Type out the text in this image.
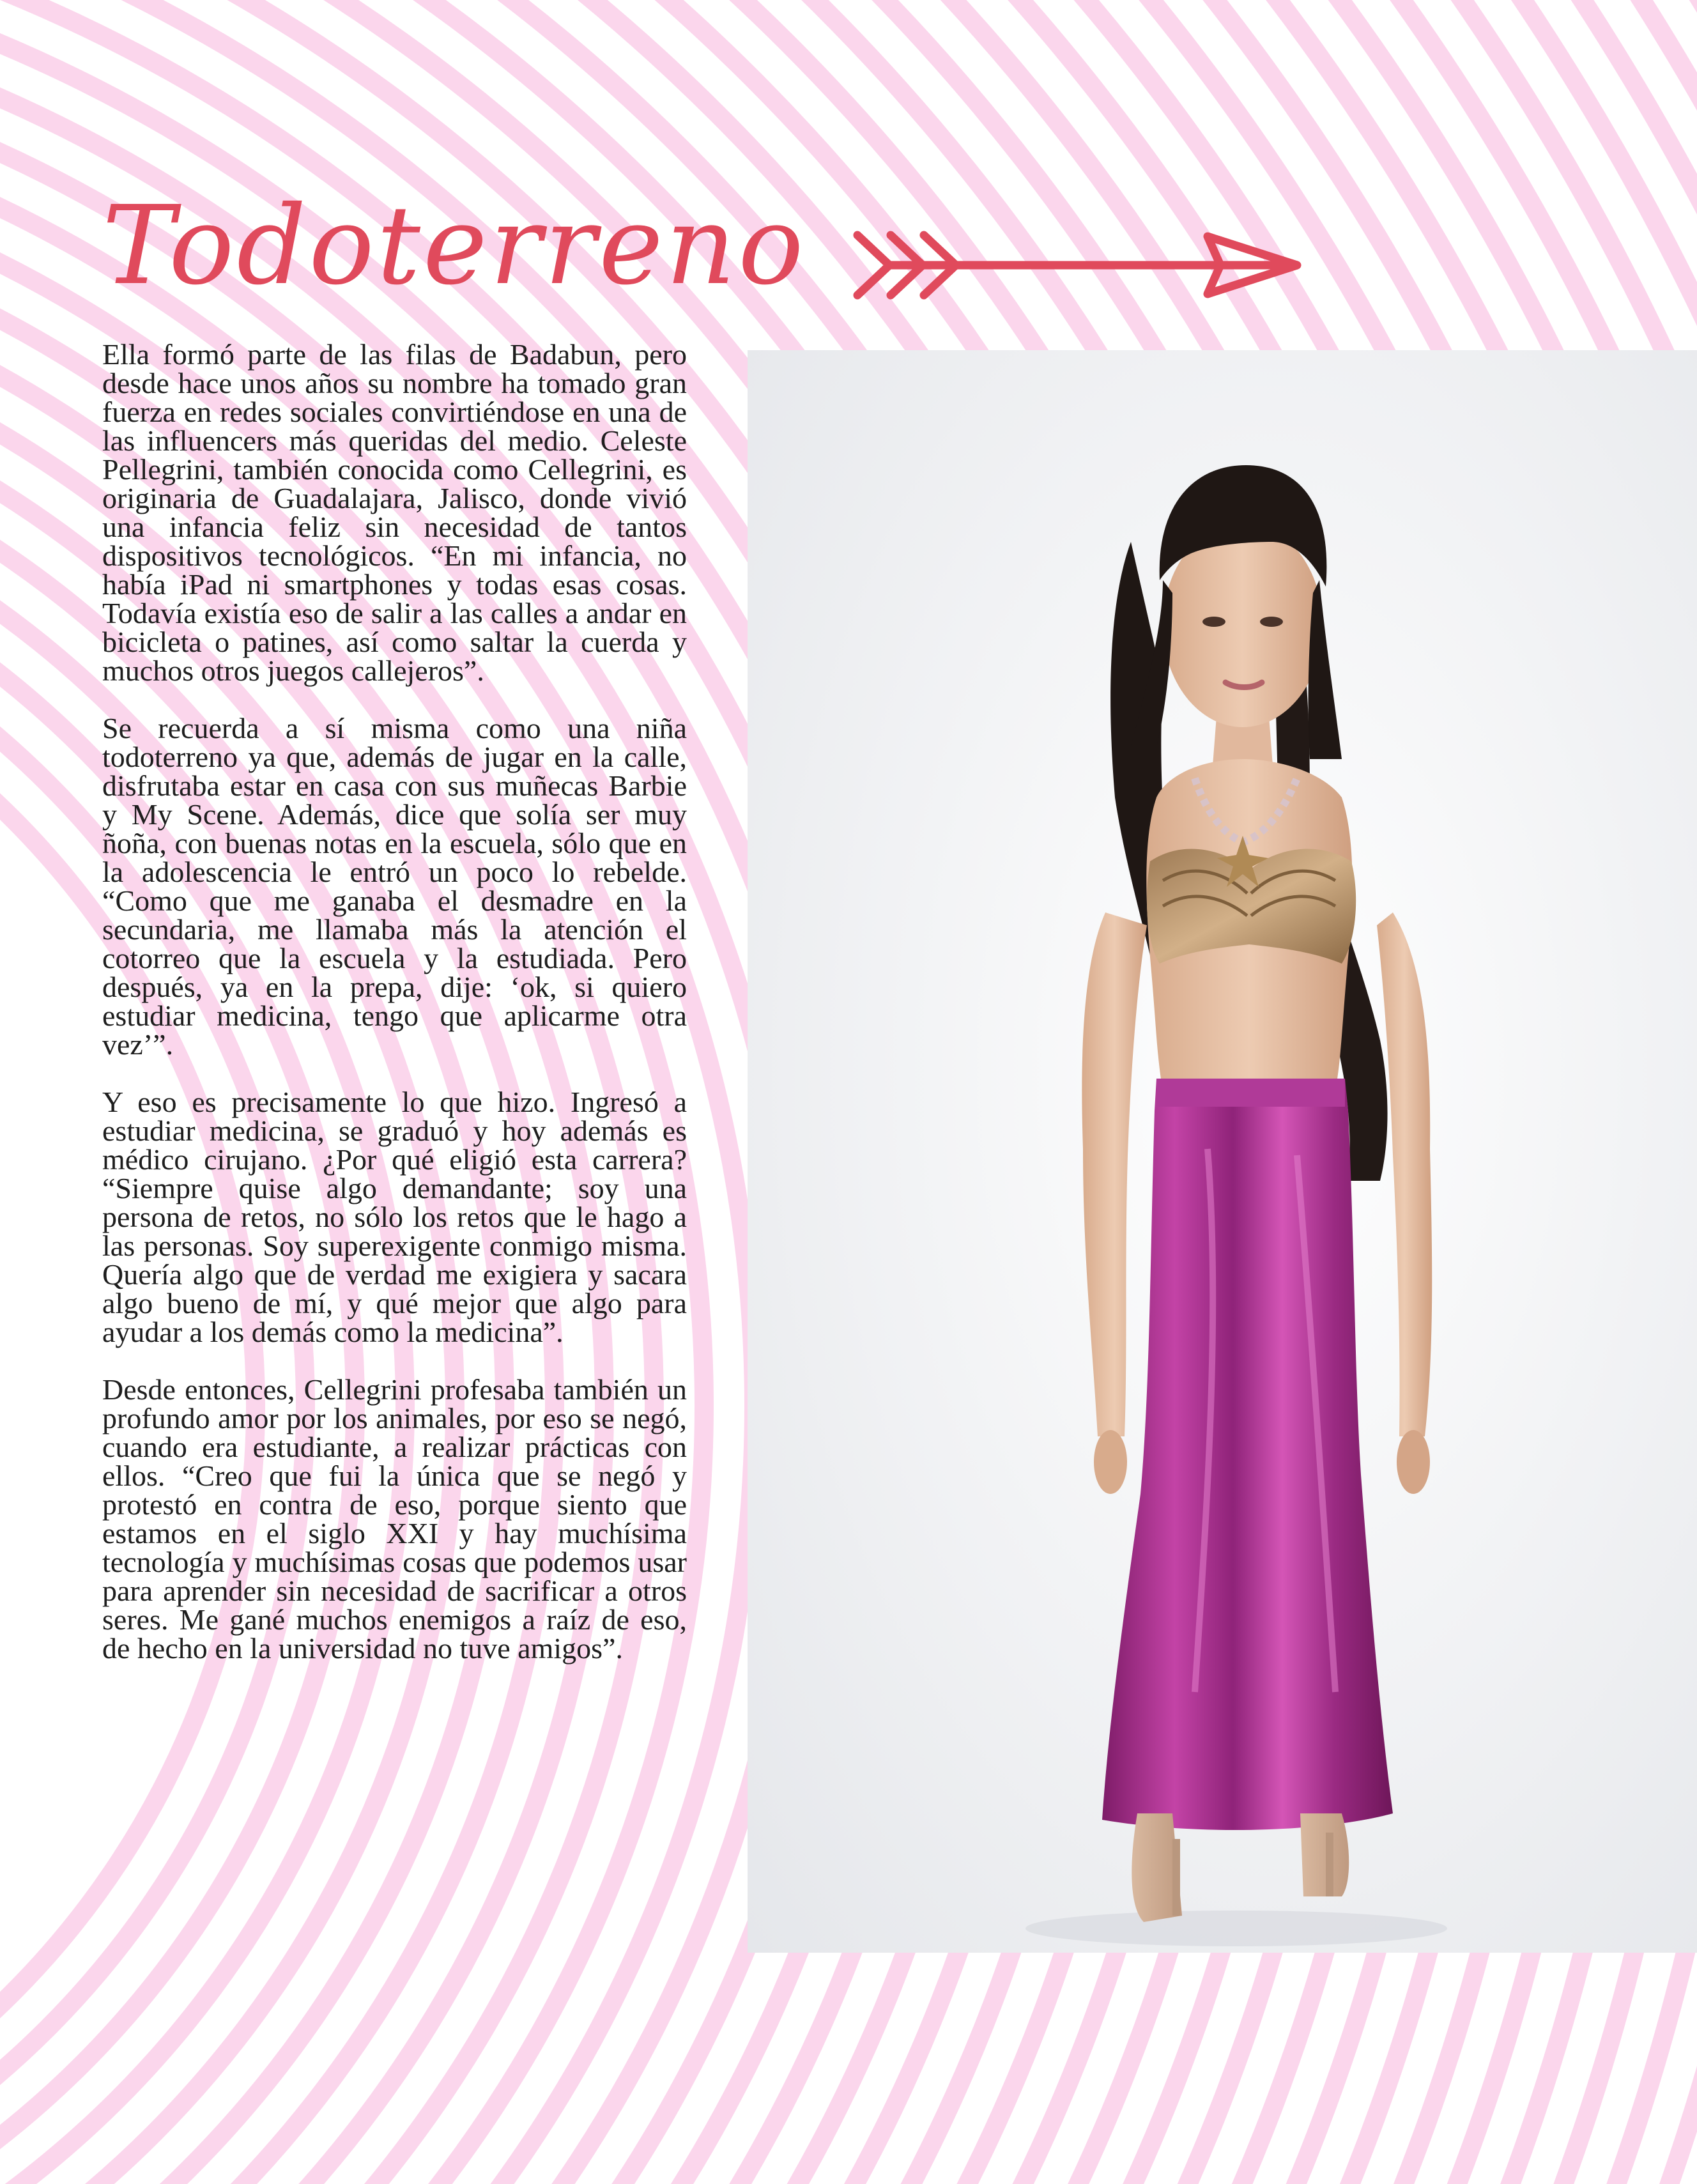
Todoterreno

Ella formó parte de las filas de Badabun, pero desde hace unos años su nombre ha tomado gran fuerza en redes sociales convirtiéndose en una de las influencers más queridas del medio. Celeste Pellegrini, también conocida como Cellegrini, es originaria de Guadalajara, Jalisco, donde vivió una infancia feliz sin necesidad de tantos dispositivos tecnológicos. “En mi infancia, no había iPad ni smartphones y todas esas cosas. Todavía existía eso de salir a las calles a andar en bicicleta o patines, así como saltar la cuerda y muchos otros juegos callejeros”.

Se recuerda a sí misma como una niña todoterreno ya que, además de jugar en la calle, disfrutaba estar en casa con sus muñecas Barbie y My Scene. Además, dice que solía ser muy ñoña, con buenas notas en la escuela, sólo que en la adolescencia le entró un poco lo rebelde. “Como que me ganaba el desmadre en la secundaria, me llamaba más la atención el cotorreo que la escuela y la estudiada. Pero después, ya en la prepa, dije: ‘ok, si quiero estudiar medicina, tengo que aplicarme otra vez’”.

Y eso es precisamente lo que hizo. Ingresó a estudiar medicina, se graduó y hoy además es médico cirujano. ¿Por qué eligió esta carrera? “Siempre quise algo demandante; soy una persona de retos, no sólo los retos que le hago a las personas. Soy superexigente conmigo misma. Quería algo que de verdad me exigiera y sacara algo bueno de mí, y qué mejor que algo para ayudar a los demás como la medicina”.

Desde entonces, Cellegrini profesaba también un profundo amor por los animales, por eso se negó, cuando era estudiante, a realizar prácticas con ellos. “Creo que fui la única que se negó y protestó en contra de eso, porque siento que estamos en el siglo XXI y hay muchísima tecnología y muchísimas cosas que podemos usar para aprender sin necesidad de sacrificar a otros seres. Me gané muchos enemigos a raíz de eso, de hecho en la universidad no tuve amigos”.
